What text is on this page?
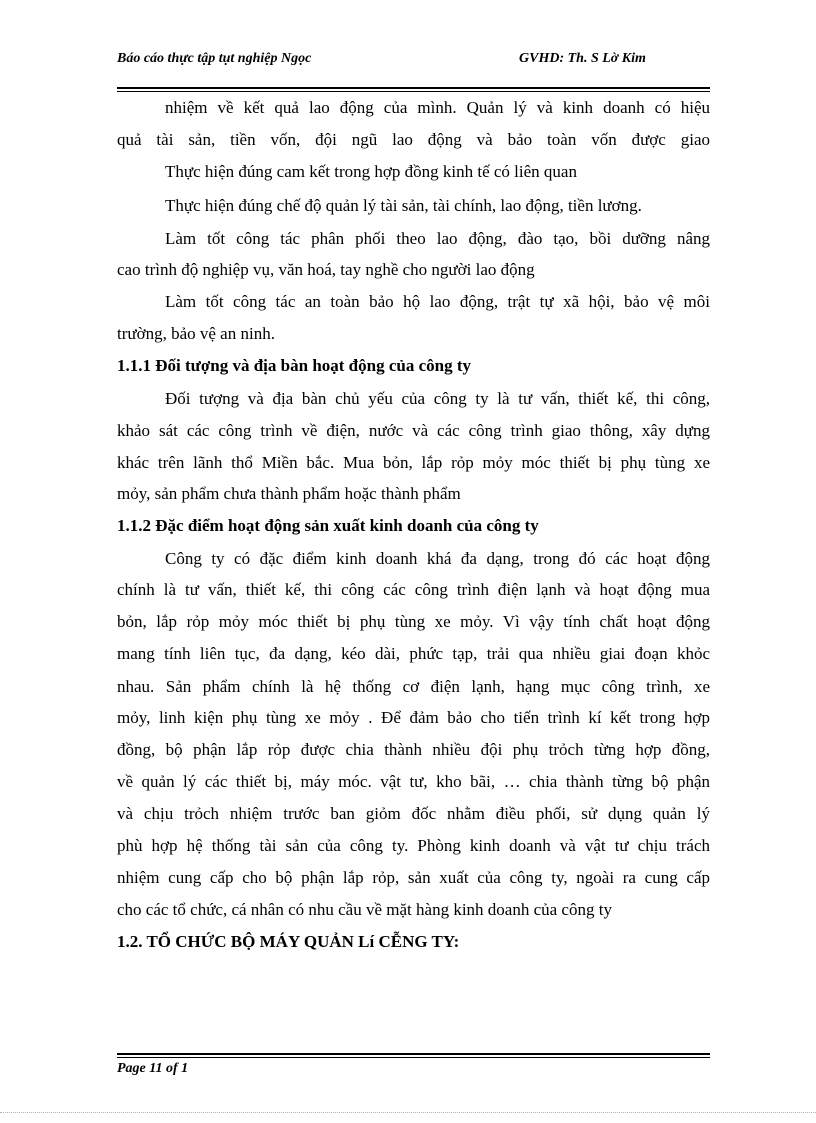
Báo cáo thực tập tụt nghiệp Ngọc	GVHD: Th. S Lờ Kim
nhiệm về kết quả lao động của mình. Quản lý và kinh doanh có hiệu
quả tài sản, tiền vốn, đội ngũ lao động và bảo toàn vốn được giao
Thực hiện đúng cam kết trong hợp đồng kinh tế có liên quan
Thực hiện đúng chế độ quản lý tài sản, tài chính, lao động, tiền lương.
Làm tốt công tác phân phối theo lao động, đào tạo, bồi dưỡng nâng
cao trình độ nghiệp vụ, văn hoá, tay nghề cho người lao động
Làm tốt công tác an toàn bảo hộ lao động, trật tự xã hội, bảo vệ môi
trường, bảo vệ an ninh.
1.1.1 Đối tượng và địa bàn hoạt động của công ty
Đối tượng và địa bàn chủ yếu của công ty là tư vấn, thiết kế, thi công,
khảo sát các công trình về điện, nước và các công trình giao thông, xây dựng
khác trên lãnh thổ Miền bắc. Mua bỏn, lắp rỏp mỏy móc thiết bị phụ tùng xe
mỏy, sản phẩm chưa thành phẩm hoặc thành phẩm
1.1.2 Đặc điểm hoạt động sản xuất kinh doanh của công ty
Công ty có đặc điểm kinh doanh khá đa dạng, trong đó các hoạt động
chính là tư vấn, thiết kế, thi công các công trình điện lạnh và hoạt động mua
bỏn, lắp rỏp mỏy móc thiết bị phụ tùng xe mỏy. Vì vậy tính chất hoạt động
mang tính liên tục, đa dạng, kéo dài, phức tạp, trải qua nhiều giai đoạn khỏc
nhau. Sản phẩm chính là hệ thống cơ điện lạnh, hạng mục công trình, xe
mỏy, linh kiện phụ tùng xe mỏy . Để đảm bảo cho tiến trình kí kết trong hợp
đồng, bộ phận lắp rỏp được chia thành nhiều đội phụ trỏch từng hợp đồng,
về quản lý các thiết bị, máy móc. vật tư, kho bãi, … chia thành từng bộ phận
và chịu trỏch nhiệm trước ban giỏm đốc nhằm điều phối, sử dụng quản lý
phù hợp hệ thống tài sản của công ty. Phòng kinh doanh và vật tư chịu trách
nhiệm cung cấp cho bộ phận lắp rỏp, sản xuất của công ty, ngoài ra cung cấp
cho các tổ chức, cá nhân có nhu cầu về mặt hàng kinh doanh của công ty
1.2. TỔ CHỨC BỘ MÁY QUẢN Lí CỄNG TY:
Page 11 of 1
